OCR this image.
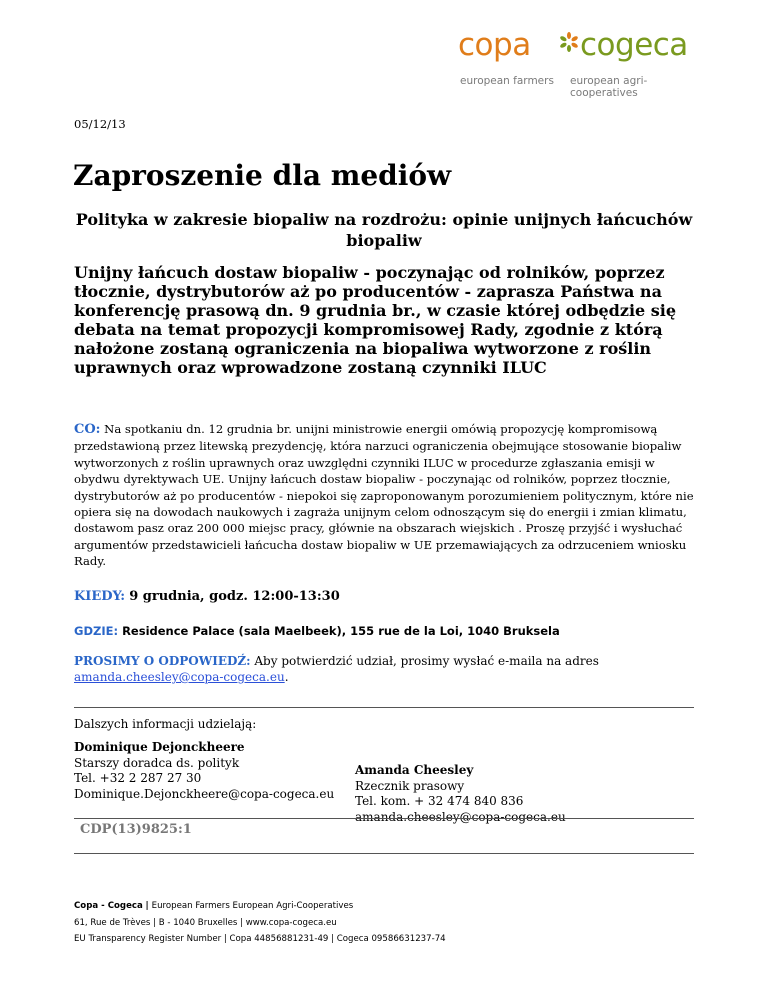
copa cogeca
european farmers european agri-cooperatives
05/12/13
Zaproszenie dla mediów
Polityka w zakresie biopaliw na rozdrożu: opinie unijnych łańcuchów biopaliw

Unijny łańcuch dostaw biopaliw - poczynając od rolników, poprzez tłocznie, dystrybutorów aż po producentów - zaprasza Państwa na konferencję prasową dn. 9 grudnia br., w czasie której odbędzie się debata na temat propozycji kompromisowej Rady, zgodnie z którą nałożone zostaną ograniczenia na biopaliwa wytworzone z roślin uprawnych oraz wprowadzone zostaną czynniki ILUC

CO: Na spotkaniu dn. 12 grudnia br. unijni ministrowie energii omówią propozycję kompromisową przedstawioną przez litewską prezydencję, która narzuci ograniczenia obejmujące stosowanie biopaliw wytworzonych z roślin uprawnych oraz uwzględni czynniki ILUC w procedurze zgłaszania emisji w obydwu dyrektywach UE. Unijny łańcuch dostaw biopaliw - poczynając od rolników, poprzez tłocznie, dystrybutorów aż po producentów - niepokoi się zaproponowanym porozumieniem politycznym, które nie opiera się na dowodach naukowych i zagraża unijnym celom odnoszącym się do energii i zmian klimatu, dostawom pasz oraz 200 000 miejsc pracy, głównie na obszarach wiejskich . Proszę przyjść i wysłuchać argumentów przedstawicieli łańcucha dostaw biopaliw w UE przemawiających za odrzuceniem wniosku Rady.

KIEDY: 9 grudnia, godz. 12:00-13:30
GDZIE: Residence Palace (sala Maelbeek), 155 rue de la Loi, 1040 Bruksela
PROSIMY O ODPOWIEDŹ: Aby potwierdzić udział, prosimy wysłać e-maila na adres
amanda.cheesley@copa-cogeca.eu.
Dalszych informacji udzielają:
Dominique Dejonckheere
Starszy doradca ds. polityk
Tel. +32 2 287 27 30
Dominique.Dejonckheere@copa-cogeca.eu
Amanda Cheesley
Rzecznik prasowy
Tel. kom. + 32 474 840 836
amanda.cheesley@copa-cogeca.eu
CDP(13)9825:1
Copa - Cogeca | European Farmers European Agri-Cooperatives
61, Rue de Trèves | B - 1040 Bruxelles | www.copa-cogeca.eu
EU Transparency Register Number | Copa 44856881231-49 | Cogeca 09586631237-74
